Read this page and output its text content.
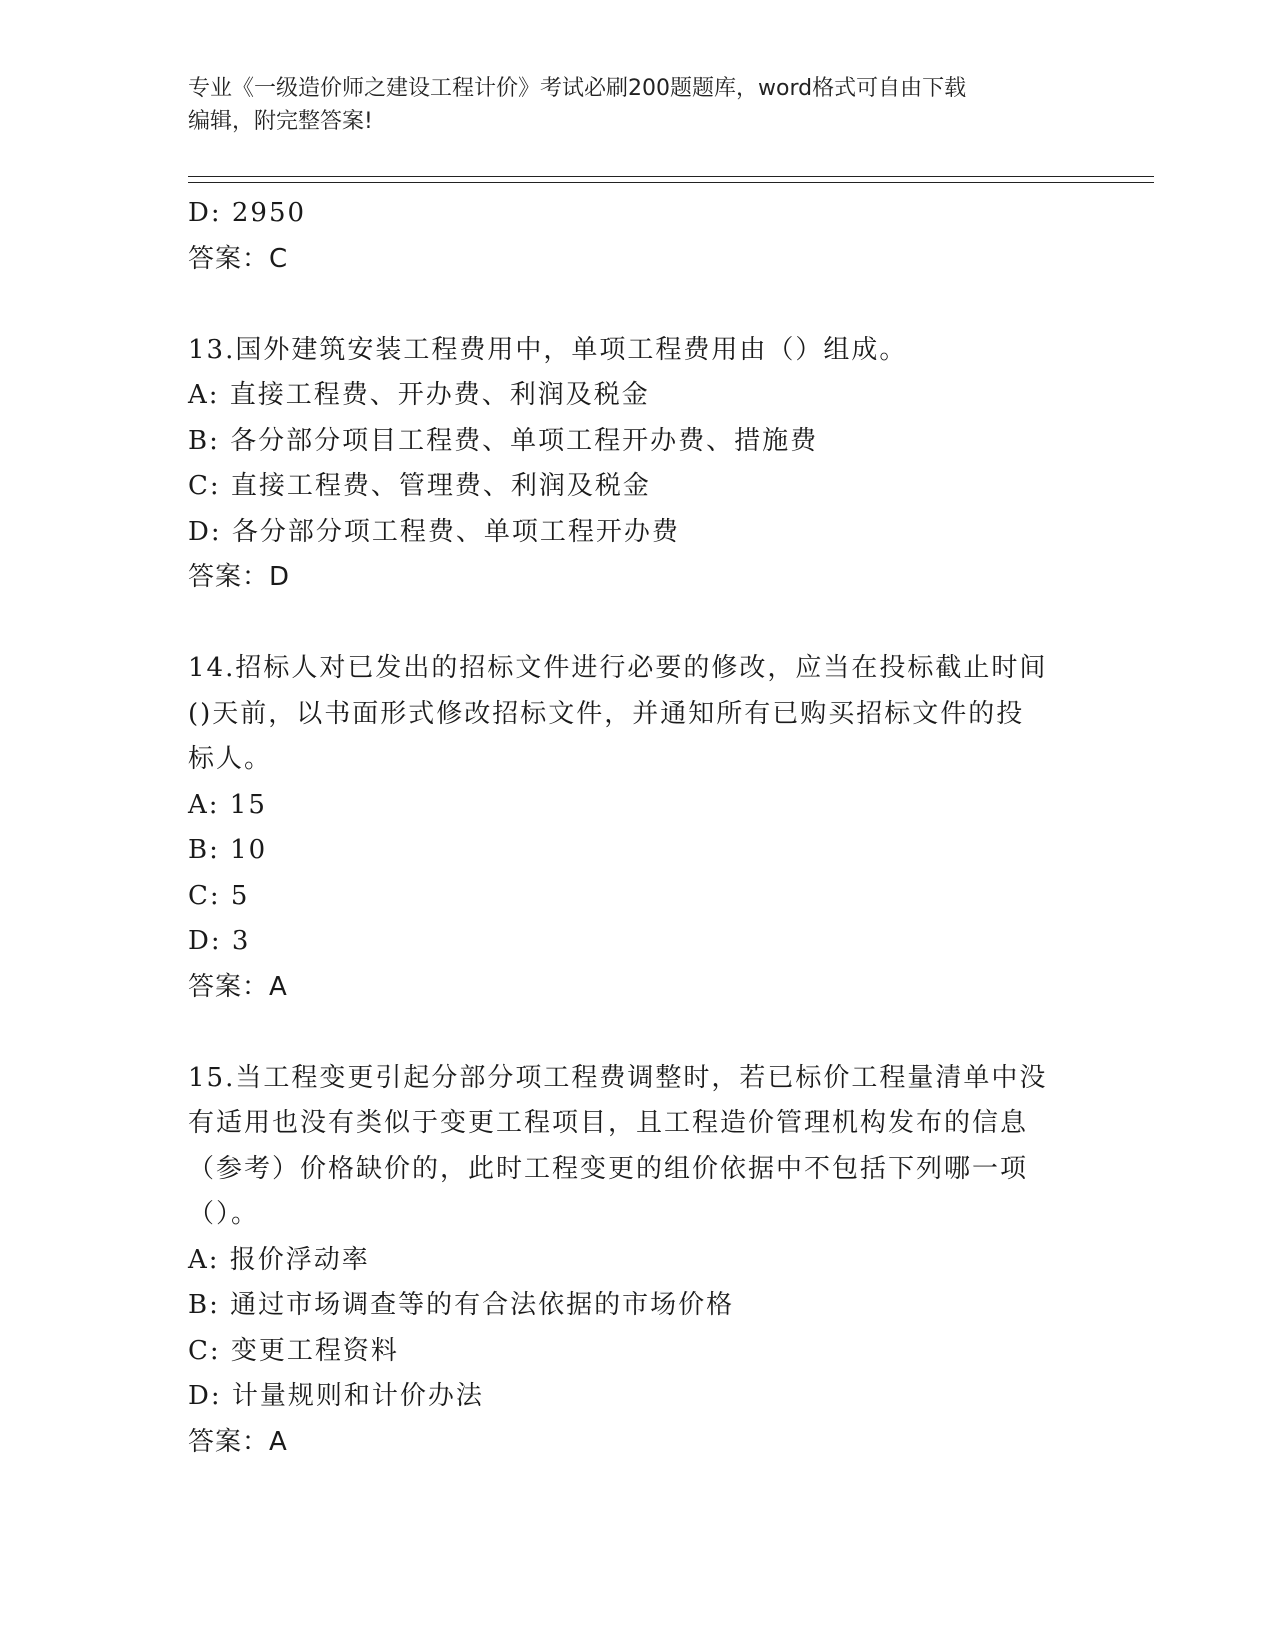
专业《一级造价师之建设工程计价》考试必刷200题题库，word格式可自由下载
编辑，附完整答案!
D: 2950
答案：C
13.国外建筑安装工程费用中，单项工程费用由（）组成。
A: 直接工程费、开办费、利润及税金
B: 各分部分项目工程费、单项工程开办费、措施费
C: 直接工程费、管理费、利润及税金
D: 各分部分项工程费、单项工程开办费
答案：D
14.招标人对已发出的招标文件进行必要的修改，应当在投标截止时间
()天前，以书面形式修改招标文件，并通知所有已购买招标文件的投
标人。
A: 15
B: 10
C: 5
D: 3
答案：A
15.当工程变更引起分部分项工程费调整时，若已标价工程量清单中没
有适用也没有类似于变更工程项目，且工程造价管理机构发布的信息
（参考）价格缺价的，此时工程变更的组价依据中不包括下列哪一项
（）。
A: 报价浮动率
B: 通过市场调查等的有合法依据的市场价格
C: 变更工程资料
D: 计量规则和计价办法
答案：A
